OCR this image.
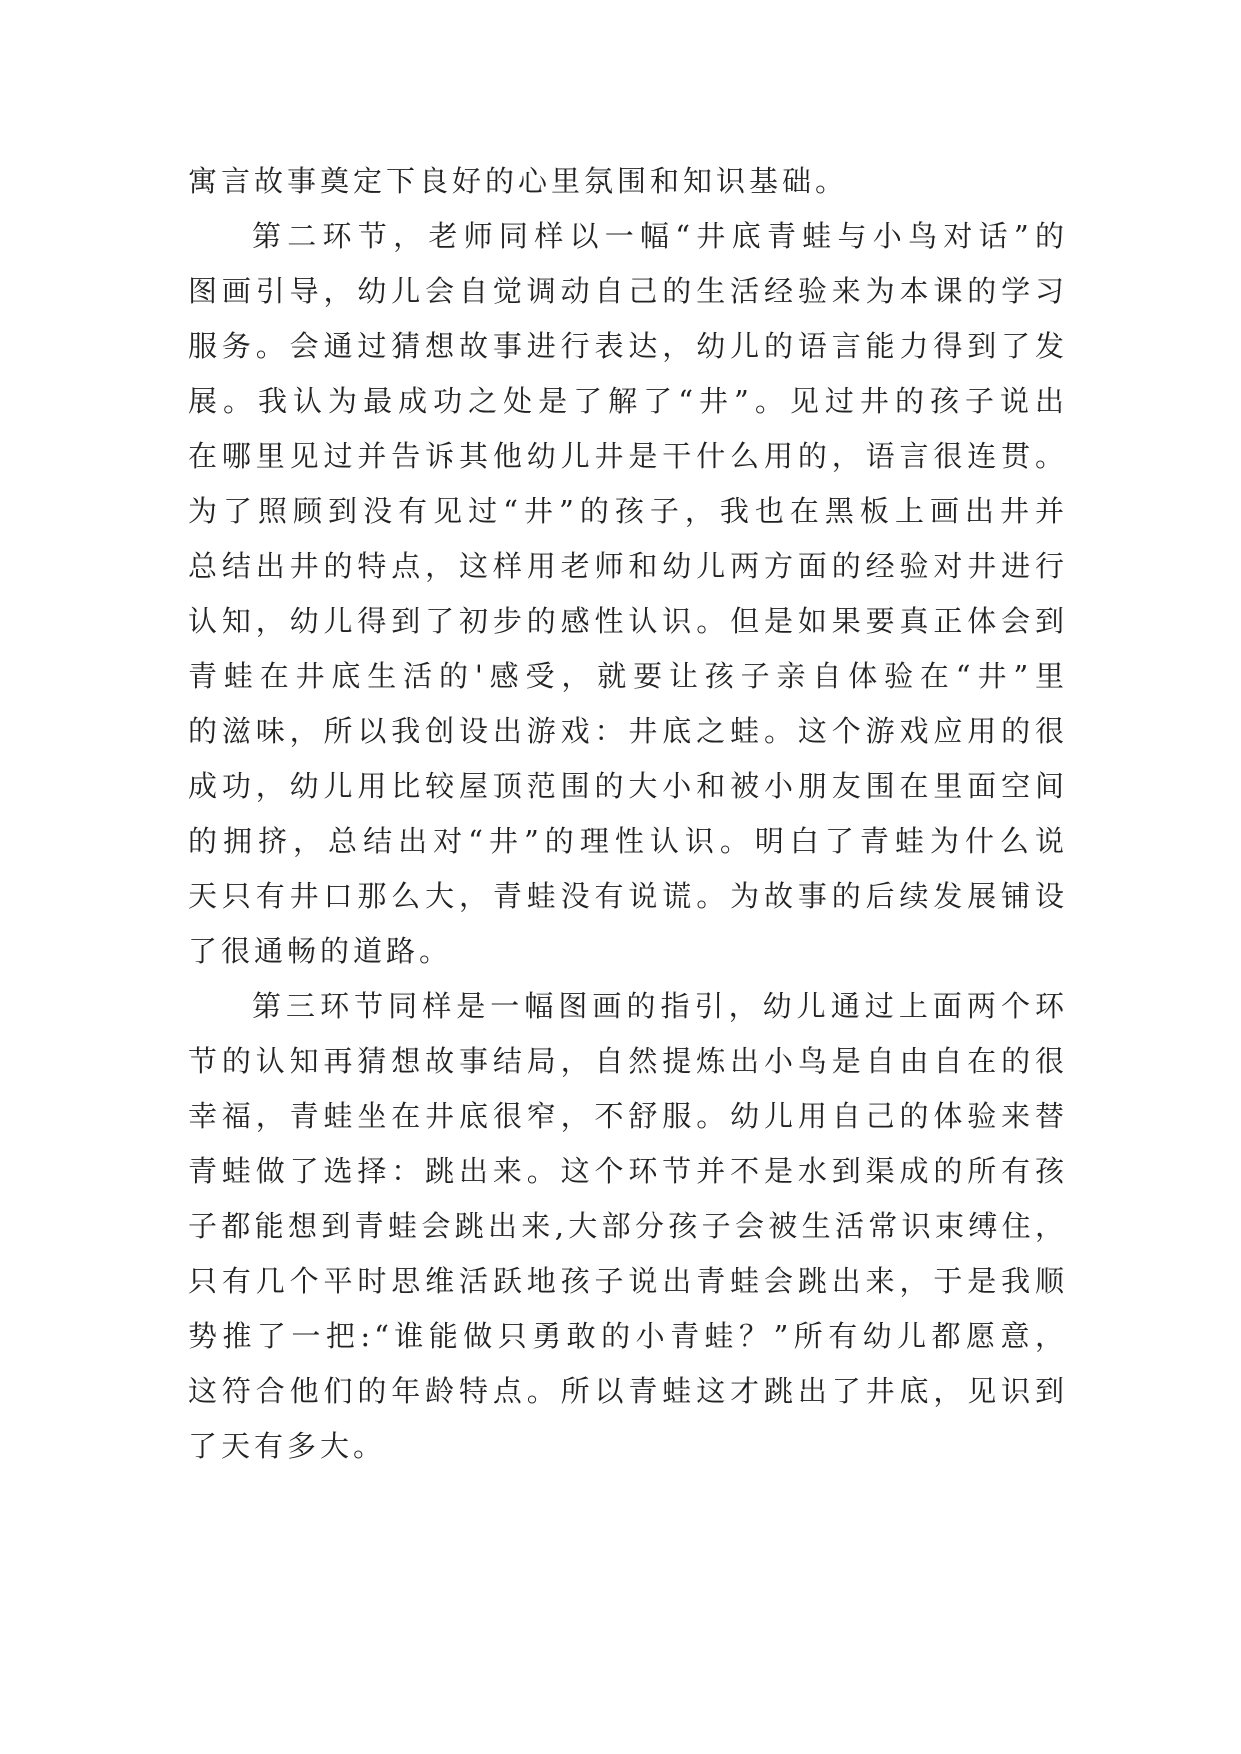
寓言故事奠定下良好的心里氛围和知识基础。
第二环节，老师同样以一幅“井底青蛙与小鸟对话”的
图画引导，幼儿会自觉调动自己的生活经验来为本课的学习
服务。会通过猜想故事进行表达，幼儿的语言能力得到了发
展。我认为最成功之处是了解了“井”。见过井的孩子说出
在哪里见过并告诉其他幼儿井是干什么用的，语言很连贯。
为了照顾到没有见过“井”的孩子，我也在黑板上画出井并
总结出井的特点，这样用老师和幼儿两方面的经验对井进行
认知，幼儿得到了初步的感性认识。但是如果要真正体会到
青蛙在井底生活的'感受，就要让孩子亲自体验在“井”里
的滋味，所以我创设出游戏：井底之蛙。这个游戏应用的很
成功，幼儿用比较屋顶范围的大小和被小朋友围在里面空间
的拥挤，总结出对“井”的理性认识。明白了青蛙为什么说
天只有井口那么大，青蛙没有说谎。为故事的后续发展铺设
了很通畅的道路。
第三环节同样是一幅图画的指引，幼儿通过上面两个环
节的认知再猜想故事结局，自然提炼出小鸟是自由自在的很
幸福，青蛙坐在井底很窄，不舒服。幼儿用自己的体验来替
青蛙做了选择：跳出来。这个环节并不是水到渠成的所有孩
子都能想到青蛙会跳出来,大部分孩子会被生活常识束缚住，
只有几个平时思维活跃地孩子说出青蛙会跳出来，于是我顺
势推了一把:“谁能做只勇敢的小青蛙？”所有幼儿都愿意，
这符合他们的年龄特点。所以青蛙这才跳出了井底，见识到
了天有多大。
